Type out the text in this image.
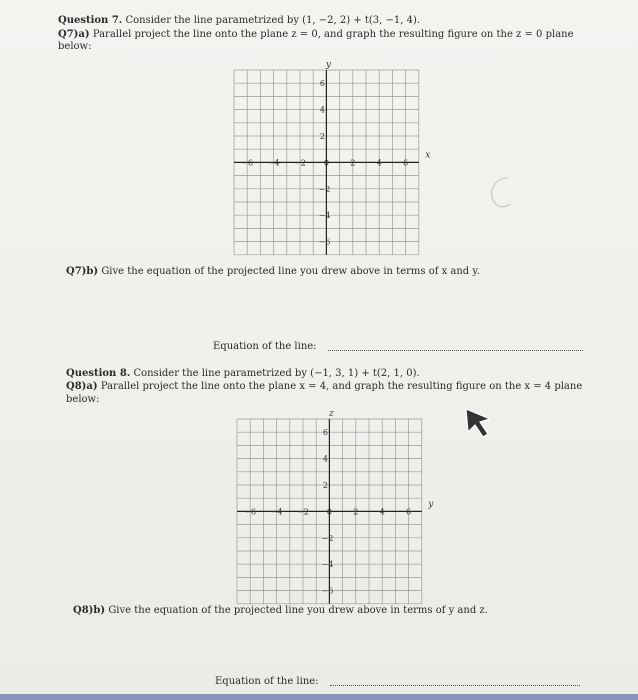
Question 7. Consider the line parametrized by (1, −2, 2) + t(3, −1, 4).
Q7)a) Parallel project the line onto the plane z = 0, and graph the resulting figure on the z = 0 plane
below:
y
x
−6 −4 −2 0	2	4	6
6
4
2
−2
−4
−6
Q7)b) Give the equation of the projected line you drew above in terms of x and y.
Equation of the line:
Question 8. Consider the line parametrized by (−1, 3, 1) + t(2, 1, 0).
Q8)a) Parallel project the line onto the plane x = 4, and graph the resulting figure on the x = 4 plane
below:
z
y
−6 −4 −2 0	2	4	6
6
4
2
−2
−4
−6
Q8)b) Give the equation of the projected line you drew above in terms of y and z.
Equation of the line:
